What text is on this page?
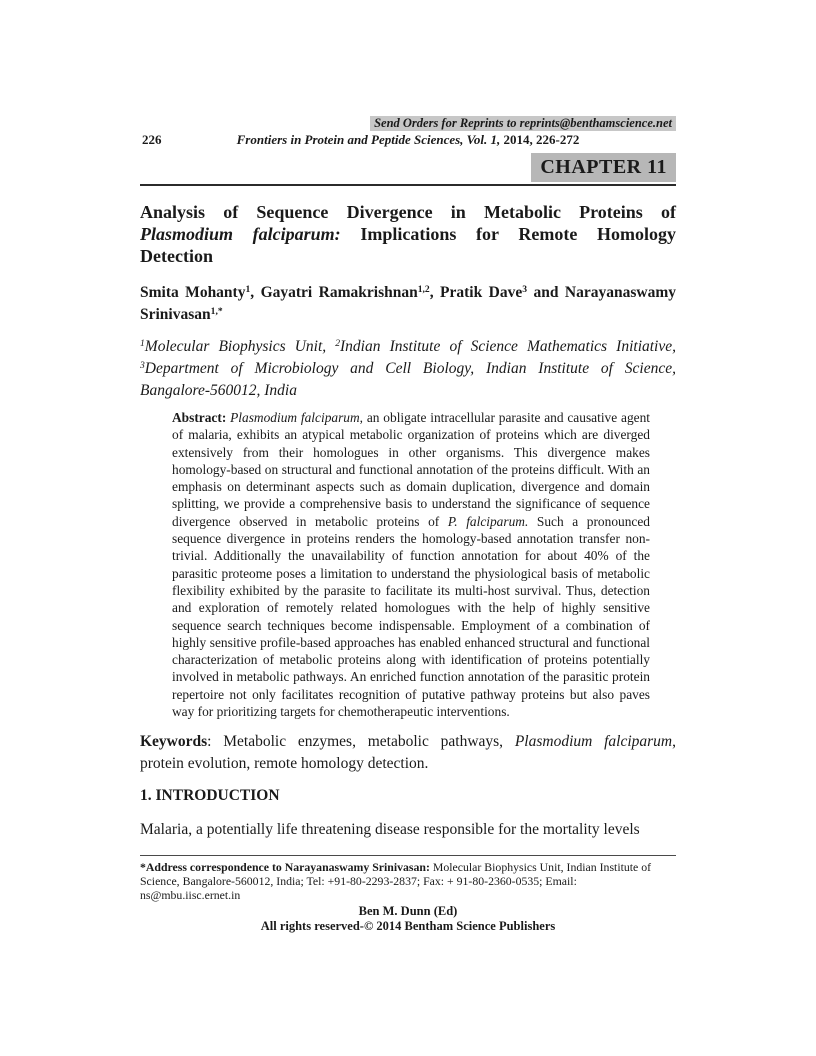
Send Orders for Reprints to reprints@benthamscience.net
226	Frontiers in Protein and Peptide Sciences, Vol. 1, 2014, 226-272
CHAPTER 11
Analysis of Sequence Divergence in Metabolic Proteins of Plasmodium falciparum: Implications for Remote Homology Detection

Smita Mohanty$^1$, Gayatri Ramakrishnan$^{1,2}$, Pratik Dave$^3$ and Narayanaswamy Srinivasan$^{1,*}$

$^1$Molecular Biophysics Unit, $^2$Indian Institute of Science Mathematics Initiative, $^3$Department of Microbiology and Cell Biology, Indian Institute of Science, Bangalore-560012, India

Abstract: Plasmodium falciparum, an obligate intracellular parasite and causative agent of malaria, exhibits an atypical metabolic organization of proteins which are diverged extensively from their homologues in other organisms. This divergence makes homology-based on structural and functional annotation of the proteins difficult. With an emphasis on determinant aspects such as domain duplication, divergence and domain splitting, we provide a comprehensive basis to understand the significance of sequence divergence observed in metabolic proteins of P. falciparum. Such a pronounced sequence divergence in proteins renders the homology-based annotation transfer non-trivial. Additionally the unavailability of function annotation for about 40% of the parasitic proteome poses a limitation to understand the physiological basis of metabolic flexibility exhibited by the parasite to facilitate its multi-host survival. Thus, detection and exploration of remotely related homologues with the help of highly sensitive sequence search techniques become indispensable. Employment of a combination of highly sensitive profile-based approaches has enabled enhanced structural and functional characterization of metabolic proteins along with identification of proteins potentially involved in metabolic pathways. An enriched function annotation of the parasitic protein repertoire not only facilitates recognition of putative pathway proteins but also paves way for prioritizing targets for chemotherapeutic interventions.

Keywords: Metabolic enzymes, metabolic pathways, Plasmodium falciparum, protein evolution, remote homology detection.

1. INTRODUCTION

Malaria, a potentially life threatening disease responsible for the mortality levels

*Address correspondence to Narayanaswamy Srinivasan: Molecular Biophysics Unit, Indian Institute of Science, Bangalore-560012, India; Tel: +91-80-2293-2837; Fax: + 91-80-2360-0535; Email: ns@mbu.iisc.ernet.in

Ben M. Dunn (Ed)
All rights reserved-© 2014 Bentham Science Publishers
